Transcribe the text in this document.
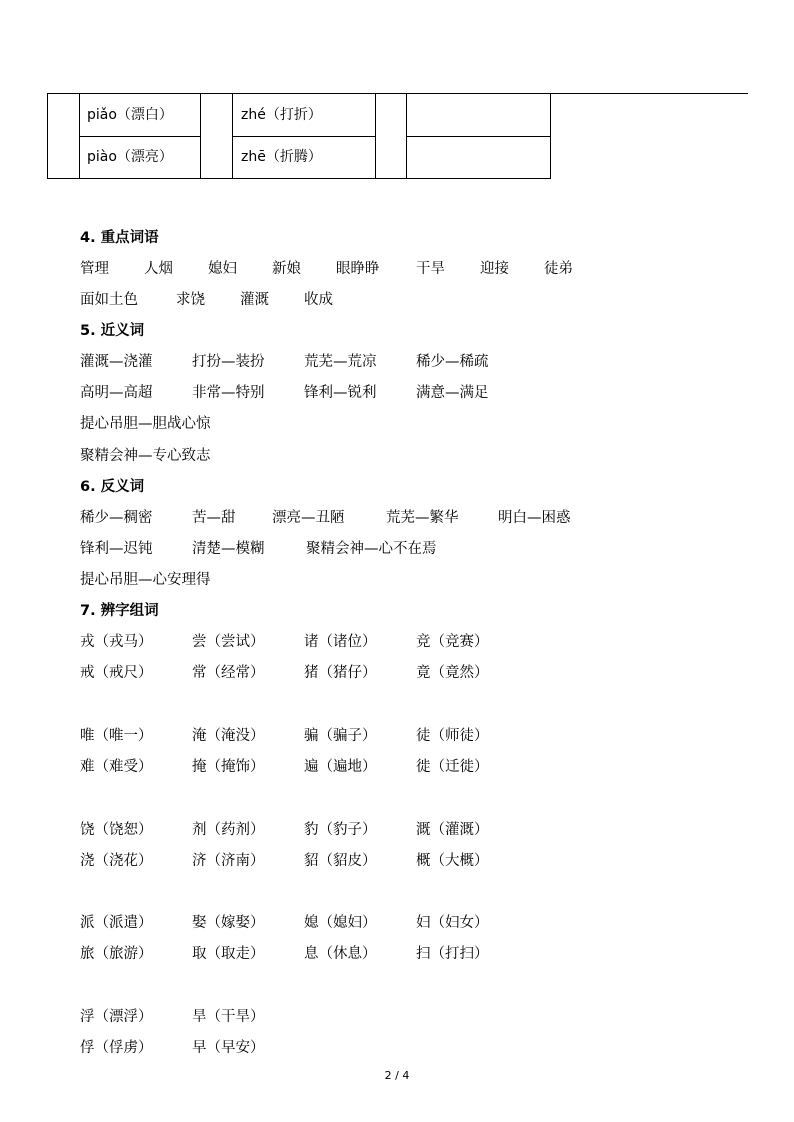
piǎo（漂白）	zhé（打折）
piào（漂亮）	zhē（折腾）
4. 重点词语
管理 人烟 媳妇 新娘 眼睁睁	干旱 迎接 徒弟
面如土色	求饶 灌溉 收成
5. 近义词
灌溉—浇灌	打扮—装扮	荒芜—荒凉	稀少—稀疏
高明—高超	非常—特别	锋利—锐利	满意—满足
提心吊胆—胆战心惊
聚精会神—专心致志
6. 反义词
稀少—稠密	苦—甜	漂亮—丑陋	荒芜—繁华	明白—困惑
锋利—迟钝	清楚—模糊	聚精会神—心不在焉
提心吊胆—心安理得
7. 辨字组词
戎（戎马）	尝（尝试）	诸（诸位）	竞（竞赛）
戒（戒尺）	常（经常）	猪（猪仔）	竟（竟然）
唯（唯一）	淹（淹没）	骗（骗子）	徒（师徒）
难（难受）	掩（掩饰）	遍（遍地）	徙（迁徙）
饶（饶恕）	剂（药剂）	豹（豹子）	溉（灌溉）
浇（浇花）	济（济南）	貂（貂皮）	概（大概）
派（派遣）	娶（嫁娶）	媳（媳妇）	妇（妇女）
旅（旅游）	取（取走）	息（休息）	扫（打扫）
浮（漂浮）	旱（干旱）
俘（俘虏）	早（早安）
2 / 4
